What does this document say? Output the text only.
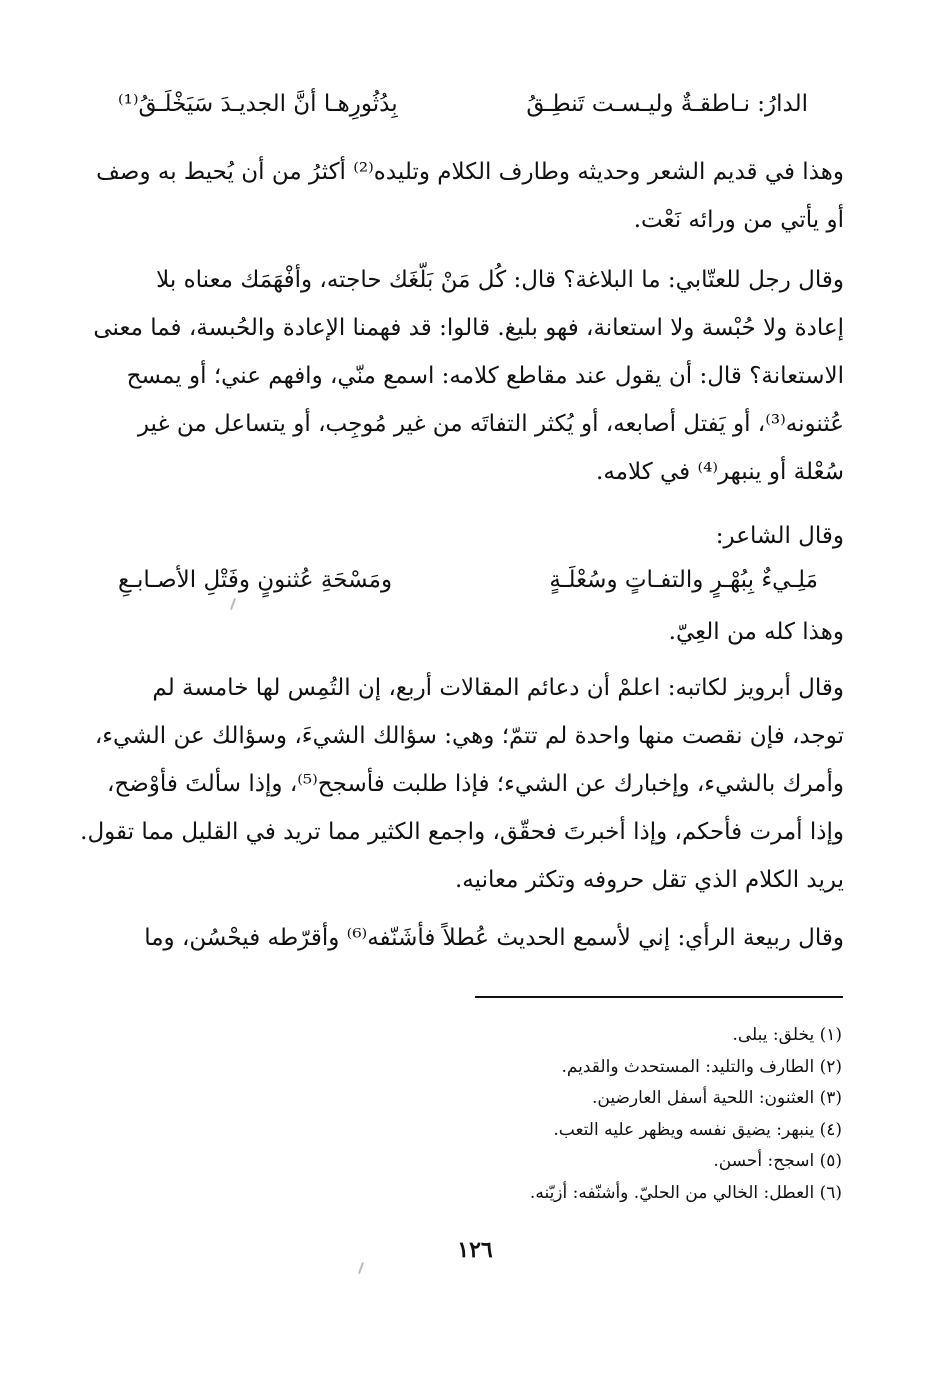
الدارُ: نـاطقـةٌ وليـسـت تَنطِـقُ
بِدُثُورِهـا أنَّ الجديـدَ سَيَخْلَـقُ⁽¹⁾
وهذا في قديم الشعر وحديثه وطارف الكلام وتليده⁽²⁾ أكثرُ من أن يُحيط به وصف
أو يأتي من ورائه نَعْت.
وقال رجل للعتّابي: ما البلاغة؟ قال: كُل مَنْ بَلّغَك حاجته، وأفْهَمَك معناه بلا
إعادة ولا حُبْسة ولا استعانة، فهو بليغ. قالوا: قد فهمنا الإعادة والحُبسة، فما معنى
الاستعانة؟ قال: أن يقول عند مقاطع كلامه: اسمع منّي، وافهم عني؛ أو يمسح
عُثنونه⁽³⁾، أو يَفتل أصابعه، أو يُكثر التفاتَه من غير مُوجِب، أو يتساعل من غير
سُعْلة أو ينبهر⁽⁴⁾ في كلامه.
وقال الشاعر:
مَلِـيءٌ بِبُهْـرٍ والتفـاتٍ وسُعْلَـةٍ
ومَسْحَةِ عُثنونٍ وفَتْلِ الأصـابـعِ
وهذا كله من العِيّ.
وقال أبرويز لكاتبه: اعلمْ أن دعائم المقالات أربع، إن التُمِس لها خامسة لم
توجد، فإن نقصت منها واحدة لم تتمّ؛ وهي: سؤالك الشيءَ، وسؤالك عن الشيء،
وأمرك بالشيء، وإخبارك عن الشيء؛ فإذا طلبت فأسجح⁽⁵⁾، وإذا سألتَ فأوْضح،
وإذا أمرت فأحكم، وإذا أخبرتَ فحقّق، واجمع الكثير مما تريد في القليل مما تقول.
يريد الكلام الذي تقل حروفه وتكثر معانيه.
وقال ربيعة الرأي: إني لأسمع الحديث عُطلاً فأشَنّفه⁽⁶⁾ وأقرّطه فيحْسُن، وما
(١) يخلق: يبلى.
(٢) الطارف والتليد: المستحدث والقديم.
(٣) العثنون: اللحية أسفل العارضين.
(٤) ينبهر: يضيق نفسه ويظهر عليه التعب.
(٥) اسجح: أحسن.
(٦) العطل: الخالي من الحليّ. وأشنّفه: أزيّنه.
١٢٦
